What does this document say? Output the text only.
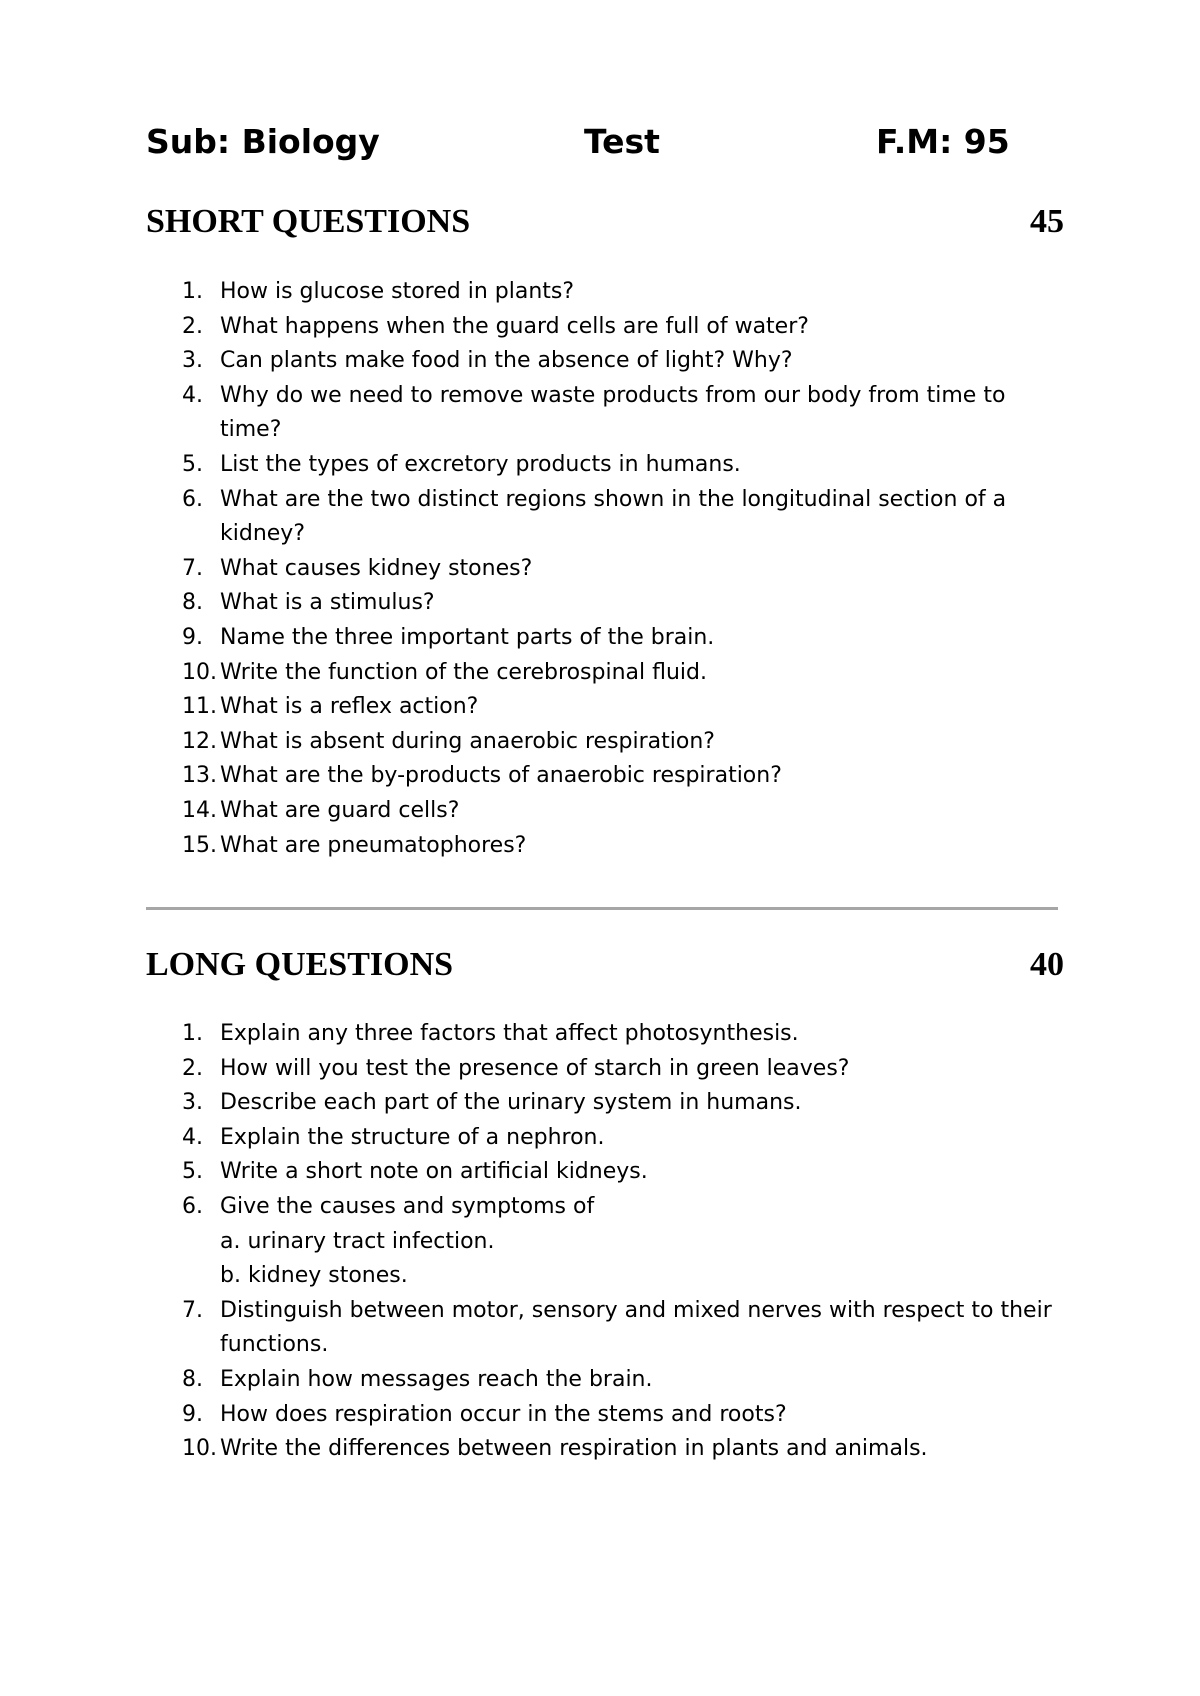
Sub: Biology	Test	F.M: 95
SHORT QUESTIONS	45
1. How is glucose stored in plants?
2. What happens when the guard cells are full of water?
3. Can plants make food in the absence of light? Why?
4. Why do we need to remove waste products from our body from time to time?
5. List the types of excretory products in humans.
6. What are the two distinct regions shown in the longitudinal section of a kidney?
7. What causes kidney stones?
8. What is a stimulus?
9. Name the three important parts of the brain.
10. Write the function of the cerebrospinal fluid.
11. What is a reflex action?
12. What is absent during anaerobic respiration?
13. What are the by-products of anaerobic respiration?
14. What are guard cells?
15. What are pneumatophores?
LONG QUESTIONS	40
1. Explain any three factors that affect photosynthesis.
2. How will you test the presence of starch in green leaves?
3. Describe each part of the urinary system in humans.
4. Explain the structure of a nephron.
5. Write a short note on artificial kidneys.
6. Give the causes and symptoms of
a. urinary tract infection.
b. kidney stones.
7. Distinguish between motor, sensory and mixed nerves with respect to their functions.
8. Explain how messages reach the brain.
9. How does respiration occur in the stems and roots?
10. Write the differences between respiration in plants and animals.
